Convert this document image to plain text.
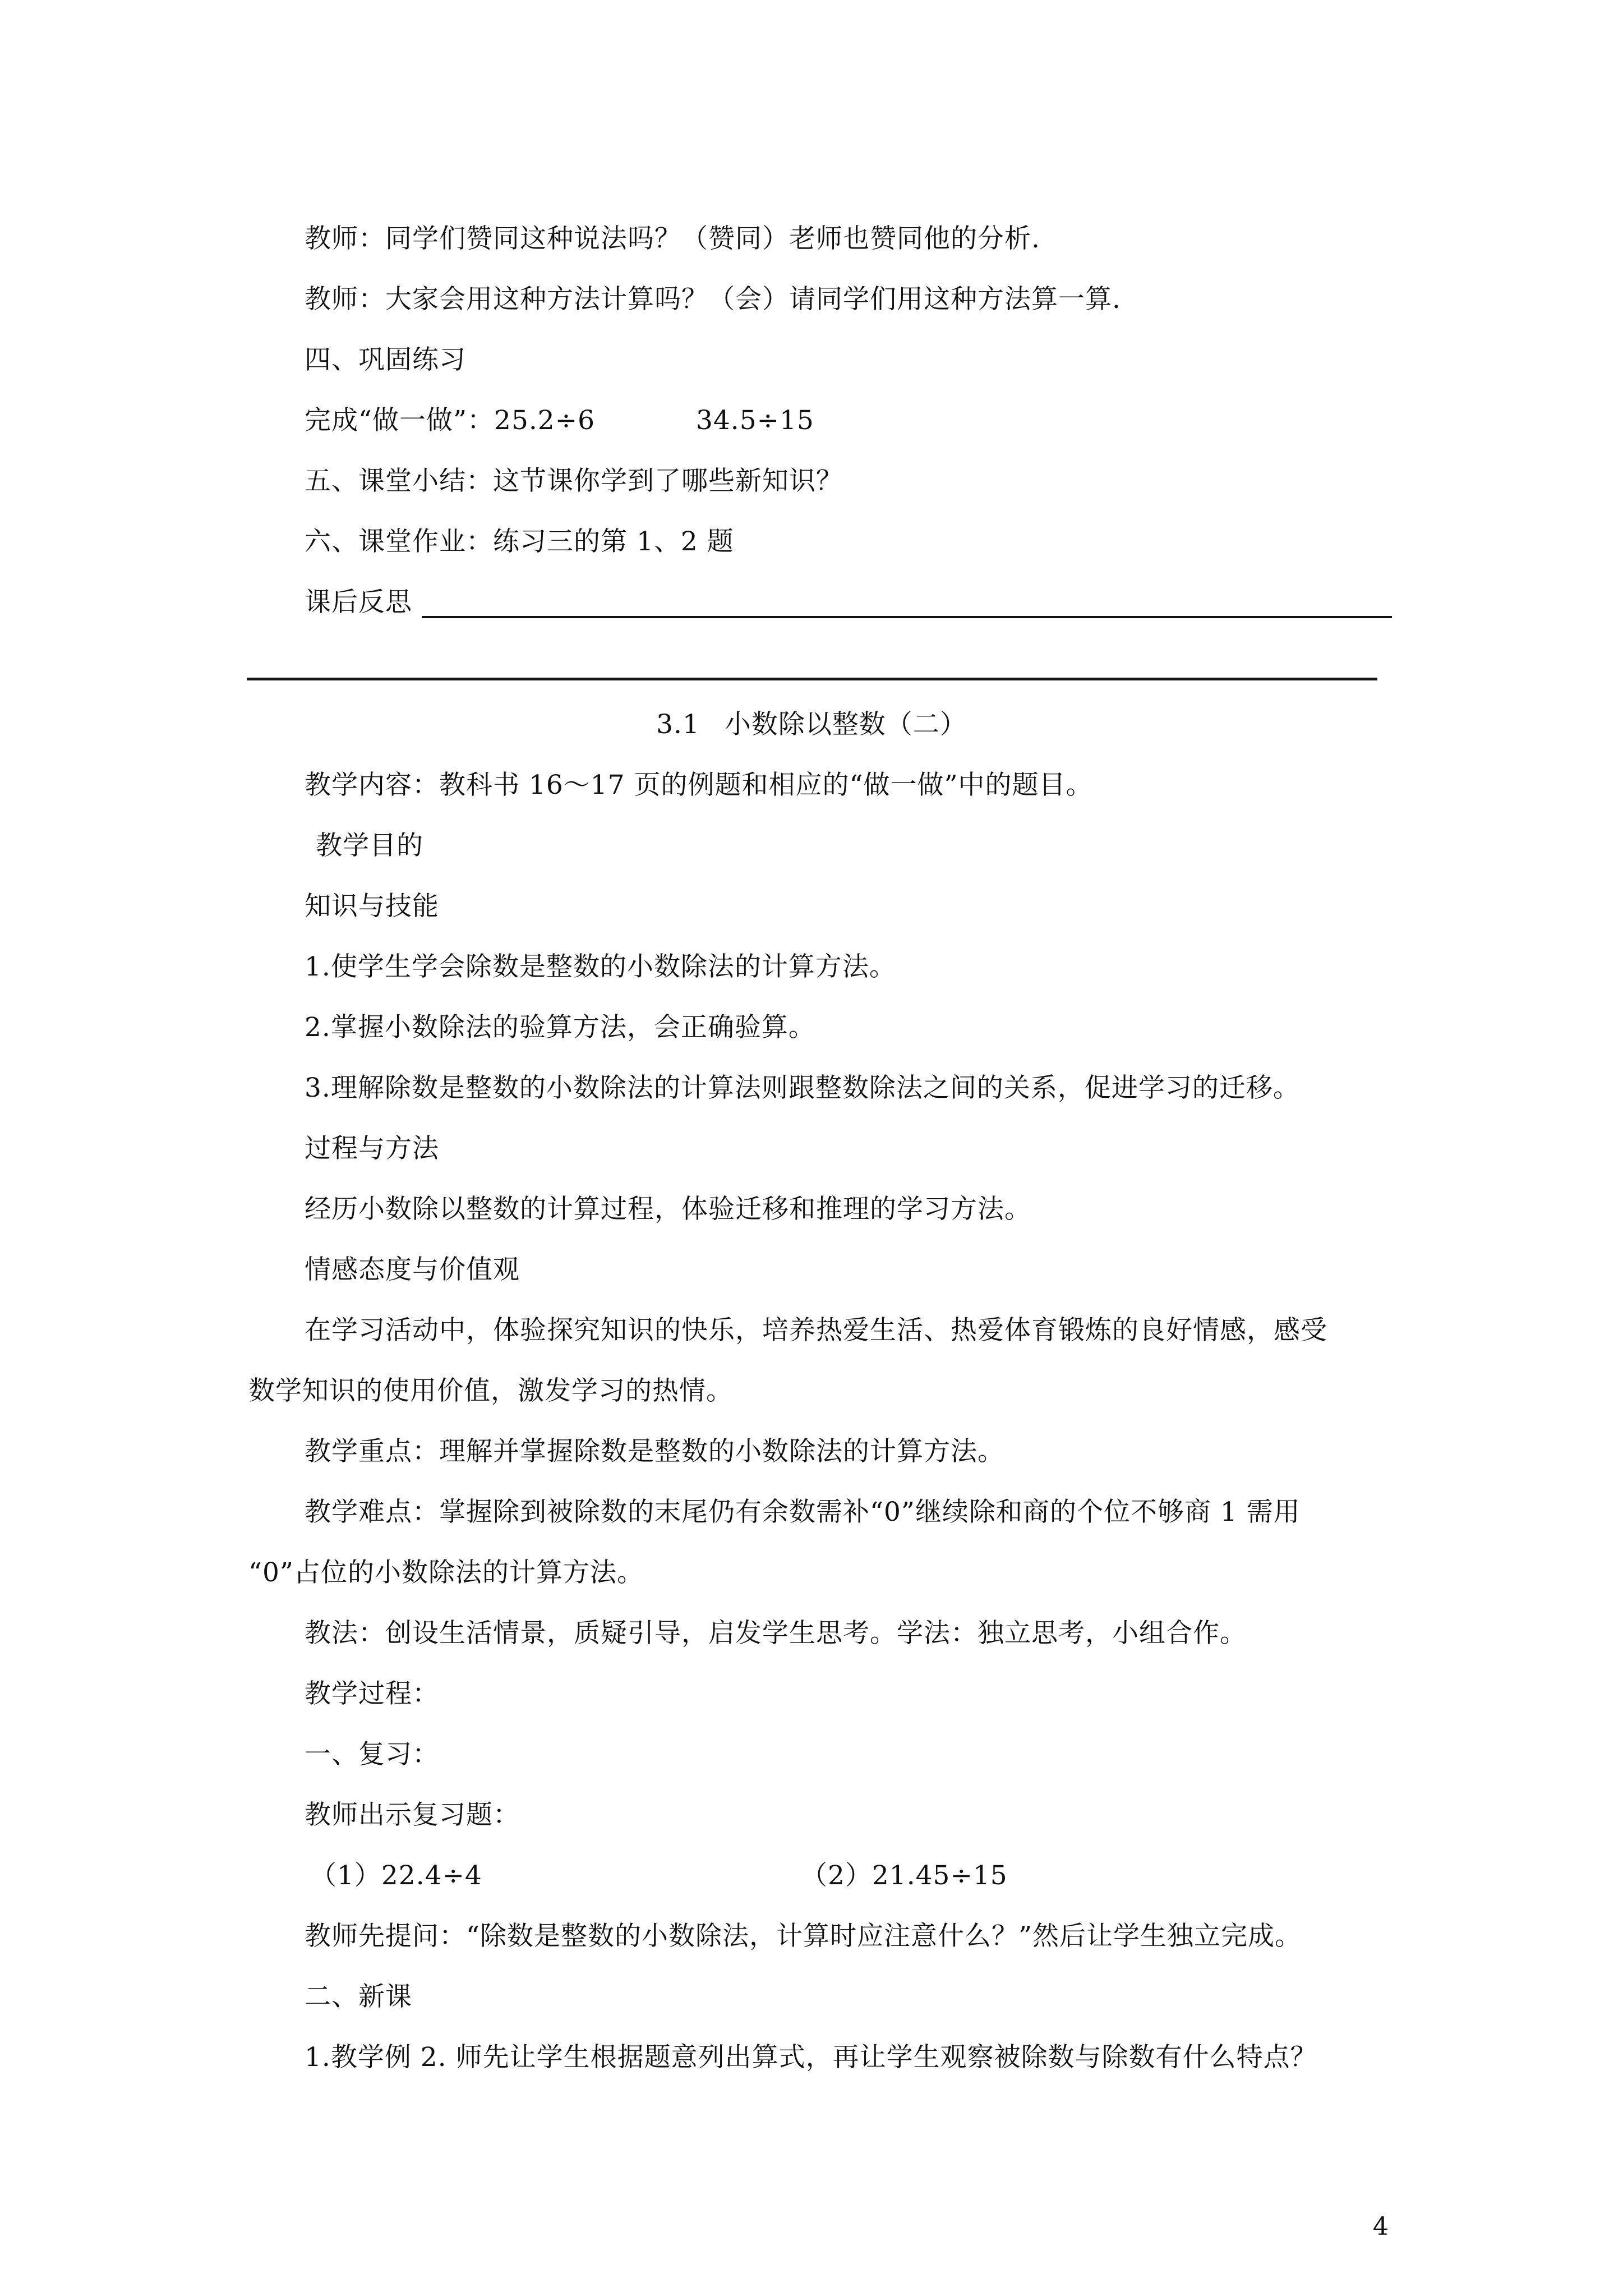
教师：同学们赞同这种说法吗？（赞同）老师也赞同他的分析.
教师：大家会用这种方法计算吗？（会）请同学们用这种方法算一算.
四、巩固练习
完成“做一做”：25.2÷6	34.5÷15
五、课堂小结：这节课你学到了哪些新知识？
六、课堂作业：练习三的第 1、2 题
课后反思
3.1 小数除以整数（二）
教学内容：教科书 16～17 页的例题和相应的“做一做”中的题目。
教学目的
知识与技能
1.使学生学会除数是整数的小数除法的计算方法。
2.掌握小数除法的验算方法，会正确验算。
3.理解除数是整数的小数除法的计算法则跟整数除法之间的关系，促进学习的迁移。
过程与方法
经历小数除以整数的计算过程，体验迁移和推理的学习方法。
情感态度与价值观
在学习活动中，体验探究知识的快乐，培养热爱生活、热爱体育锻炼的良好情感，感受
数学知识的使用价值，激发学习的热情。
教学重点：理解并掌握除数是整数的小数除法的计算方法。
教学难点：掌握除到被除数的末尾仍有余数需补“0”继续除和商的个位不够商 1 需用
“0”占位的小数除法的计算方法。
教法：创设生活情景，质疑引导，启发学生思考。学法：独立思考，小组合作。
教学过程：
一、复习：
教师出示复习题：
（1）22.4÷4	（2）21.45÷15
教师先提问：“除数是整数的小数除法，计算时应注意什么？”然后让学生独立完成。
二、新课
1.教学例 2. 师先让学生根据题意列出算式，再让学生观察被除数与除数有什么特点？
4
